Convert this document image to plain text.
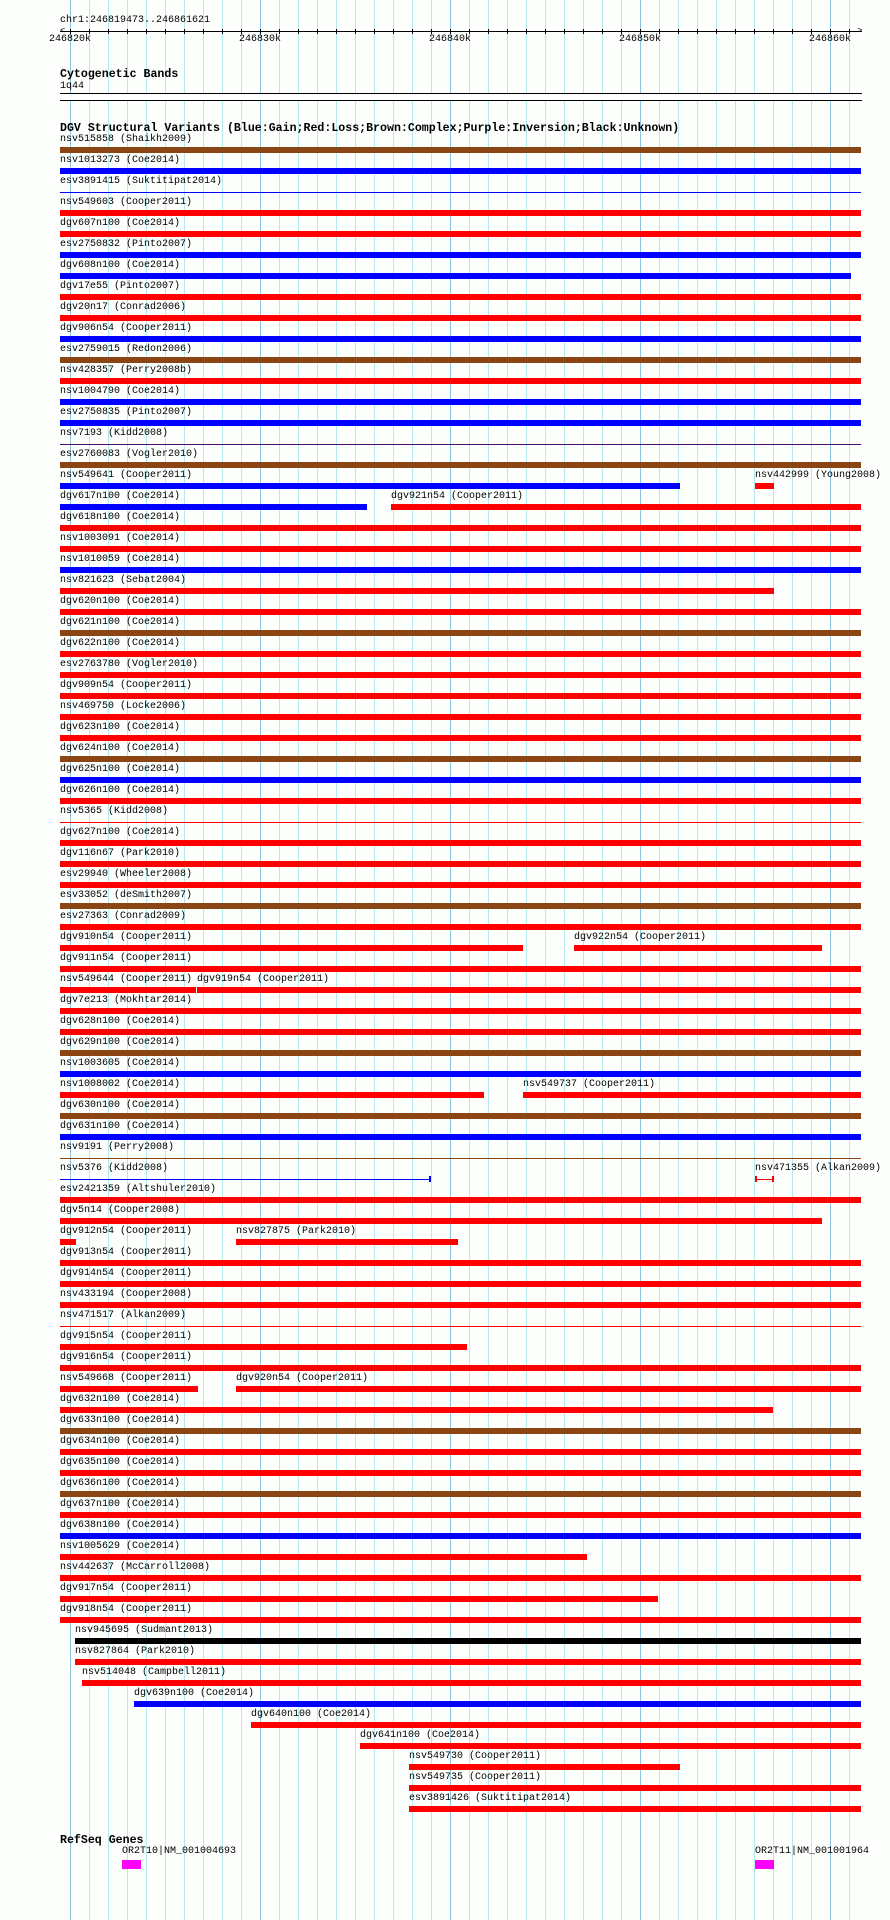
chr1:246819473..246861621
<	>
246820k	246830k	246840k	246850k	246860k
Cytogenetic Bands
1q44
DGV Structural Variants (Blue:Gain;Red:Loss;Brown:Complex;Purple:Inversion;Black:Unknown)
nsv515858 (Shaikh2009)
nsv1013273 (Coe2014)
esv3891415 (Suktitipat2014)
nsv549603 (Cooper2011)
dgv607n100 (Coe2014)
esv2750832 (Pinto2007)
dgv608n100 (Coe2014)
dgv17e55 (Pinto2007)
dgv20n17 (Conrad2006)
dgv906n54 (Cooper2011)
esv2759015 (Redon2006)
nsv428357 (Perry2008b)
nsv1004790 (Coe2014)
esv2750835 (Pinto2007)
nsv7193 (Kidd2008)
esv2760083 (Vogler2010)
nsv549641 (Cooper2011)	nsv442999 (Young2008)
dgv617n100 (Coe2014)	dgv921n54 (Cooper2011)
dgv618n100 (Coe2014)
nsv1003091 (Coe2014)
nsv1010059 (Coe2014)
nsv821623 (Sebat2004)
dgv620n100 (Coe2014)
dgv621n100 (Coe2014)
dgv622n100 (Coe2014)
esv2763780 (Vogler2010)
dgv909n54 (Cooper2011)
nsv469750 (Locke2006)
dgv623n100 (Coe2014)
dgv624n100 (Coe2014)
dgv625n100 (Coe2014)
dgv626n100 (Coe2014)
nsv5365 (Kidd2008)
dgv627n100 (Coe2014)
dgv116n67 (Park2010)
esv29940 (Wheeler2008)
esv33052 (deSmith2007)
esv27363 (Conrad2009)
dgv910n54 (Cooper2011)	dgv922n54 (Cooper2011)
dgv911n54 (Cooper2011)
nsv549644 (Cooper2011) dgv919n54 (Cooper2011)
dgv7e213 (Mokhtar2014)
dgv628n100 (Coe2014)
dgv629n100 (Coe2014)
nsv1003605 (Coe2014)
nsv1008002 (Coe2014)	nsv549737 (Cooper2011)
dgv630n100 (Coe2014)
dgv631n100 (Coe2014)
nsv9191 (Perry2008)
nsv5376 (Kidd2008)	nsv471355 (Alkan2009)
esv2421359 (Altshuler2010)
dgv5n14 (Cooper2008)
dgv912n54 (Cooper2011)	nsv827875 (Park2010)
dgv913n54 (Cooper2011)
dgv914n54 (Cooper2011)
nsv433194 (Cooper2008)
nsv471517 (Alkan2009)
dgv915n54 (Cooper2011)
dgv916n54 (Cooper2011)
nsv549668 (Cooper2011)	dgv920n54 (Cooper2011)
dgv632n100 (Coe2014)
dgv633n100 (Coe2014)
dgv634n100 (Coe2014)
dgv635n100 (Coe2014)
dgv636n100 (Coe2014)
dgv637n100 (Coe2014)
dgv638n100 (Coe2014)
nsv1005629 (Coe2014)
nsv442637 (McCarroll2008)
dgv917n54 (Cooper2011)
dgv918n54 (Cooper2011)
nsv945695 (Sudmant2013)
nsv827864 (Park2010)
nsv514048 (Campbell2011)
dgv639n100 (Coe2014)
dgv640n100 (Coe2014)
dgv641n100 (Coe2014)
nsv549730 (Cooper2011)
nsv549735 (Cooper2011)
esv3891426 (Suktitipat2014)
RefSeq Genes
OR2T10|NM_001004693	OR2T11|NM_001001964
